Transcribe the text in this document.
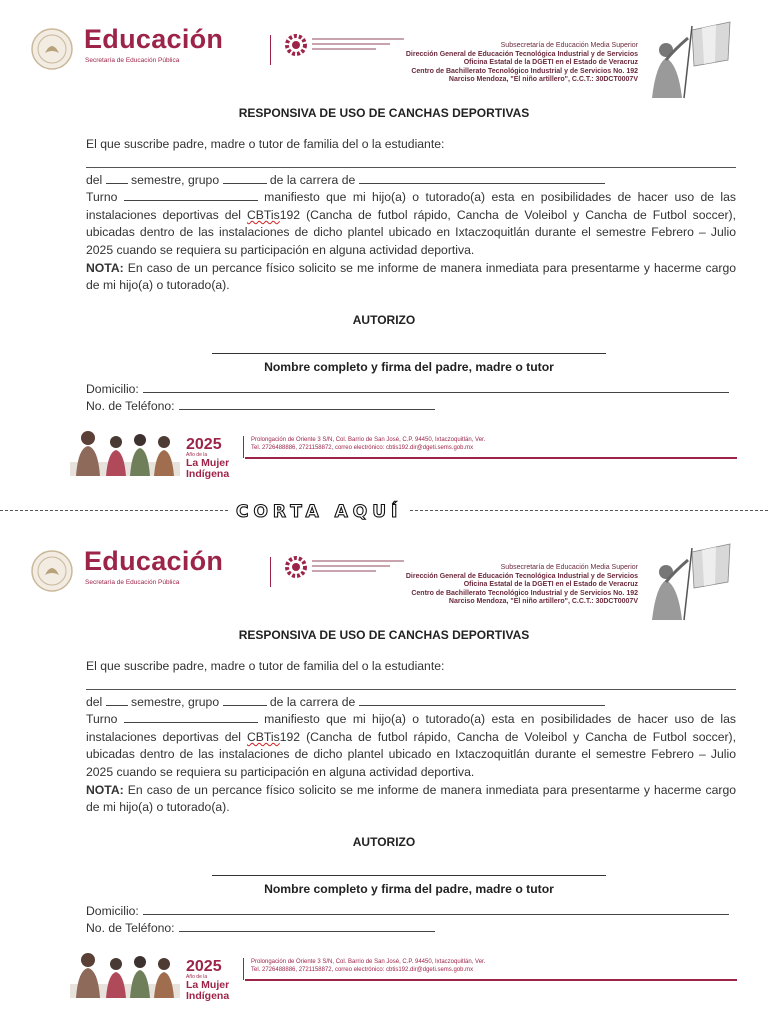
Educación
Secretaría de Educación Pública
Subsecretaría de Educación Media Superior
Dirección General de Educación Tecnológica Industrial y de Servicios
Oficina Estatal de la DGETI en el Estado de Veracruz
Centro de Bachillerato Tecnológico Industrial y de Servicios No. 192
Narciso Mendoza, "El niño artillero", C.C.T.: 30DCT0007V
RESPONSIVA DE USO DE CANCHAS DEPORTIVAS

El que suscribe padre, madre o tutor de familia del o la estudiante:

del semestre, grupo	de la carrera de

Turno	manifiesto que mi hijo(a) o tutorado(a) esta en posibilidades de hacer uso de las instalaciones deportivas del CBTis192 (Cancha de futbol rápido, Cancha de Voleibol y Cancha de Futbol soccer), ubicadas dentro de las instalaciones de dicho plantel ubicado en Ixtaczoquitlán durante el semestre Febrero – Julio 2025 cuando se requiera su participación en alguna actividad deportiva.

NOTA: En caso de un percance físico solicito se me informe de manera inmediata para presentarme y hacerme cargo de mi hijo(a) o tutorado(a).

AUTORIZO
Nombre completo y firma del padre, madre o tutor
Domicilio:
No. de Teléfono:
2025
Año de la
La Mujer
Indígena
Prolongación de Oriente 3 S/N, Col. Barrio de San José, C.P. 94450, Ixtaczoquitlán, Ver.
Tel. 2726488886, 2721158872, correo electrónico: cbtis192.dir@dgeti.sems.gob.mx
CORTA AQUÍ
Educación
Secretaría de Educación Pública
Subsecretaría de Educación Media Superior
Dirección General de Educación Tecnológica Industrial y de Servicios
Oficina Estatal de la DGETI en el Estado de Veracruz
Centro de Bachillerato Tecnológico Industrial y de Servicios No. 192
Narciso Mendoza, "El niño artillero", C.C.T.: 30DCT0007V
RESPONSIVA DE USO DE CANCHAS DEPORTIVAS

El que suscribe padre, madre o tutor de familia del o la estudiante:

del semestre, grupo	de la carrera de

Turno	manifiesto que mi hijo(a) o tutorado(a) esta en posibilidades de hacer uso de las instalaciones deportivas del CBTis192 (Cancha de futbol rápido, Cancha de Voleibol y Cancha de Futbol soccer), ubicadas dentro de las instalaciones de dicho plantel ubicado en Ixtaczoquitlán durante el semestre Febrero – Julio 2025 cuando se requiera su participación en alguna actividad deportiva.

NOTA: En caso de un percance físico solicito se me informe de manera inmediata para presentarme y hacerme cargo de mi hijo(a) o tutorado(a).

AUTORIZO
Nombre completo y firma del padre, madre o tutor
Domicilio:
No. de Teléfono:
2025
Año de la
La Mujer
Indígena
Prolongación de Oriente 3 S/N, Col. Barrio de San José, C.P. 94450, Ixtaczoquitlán, Ver.
Tel. 2726488886, 2721158872, correo electrónico: cbtis192.dir@dgeti.sems.gob.mx
